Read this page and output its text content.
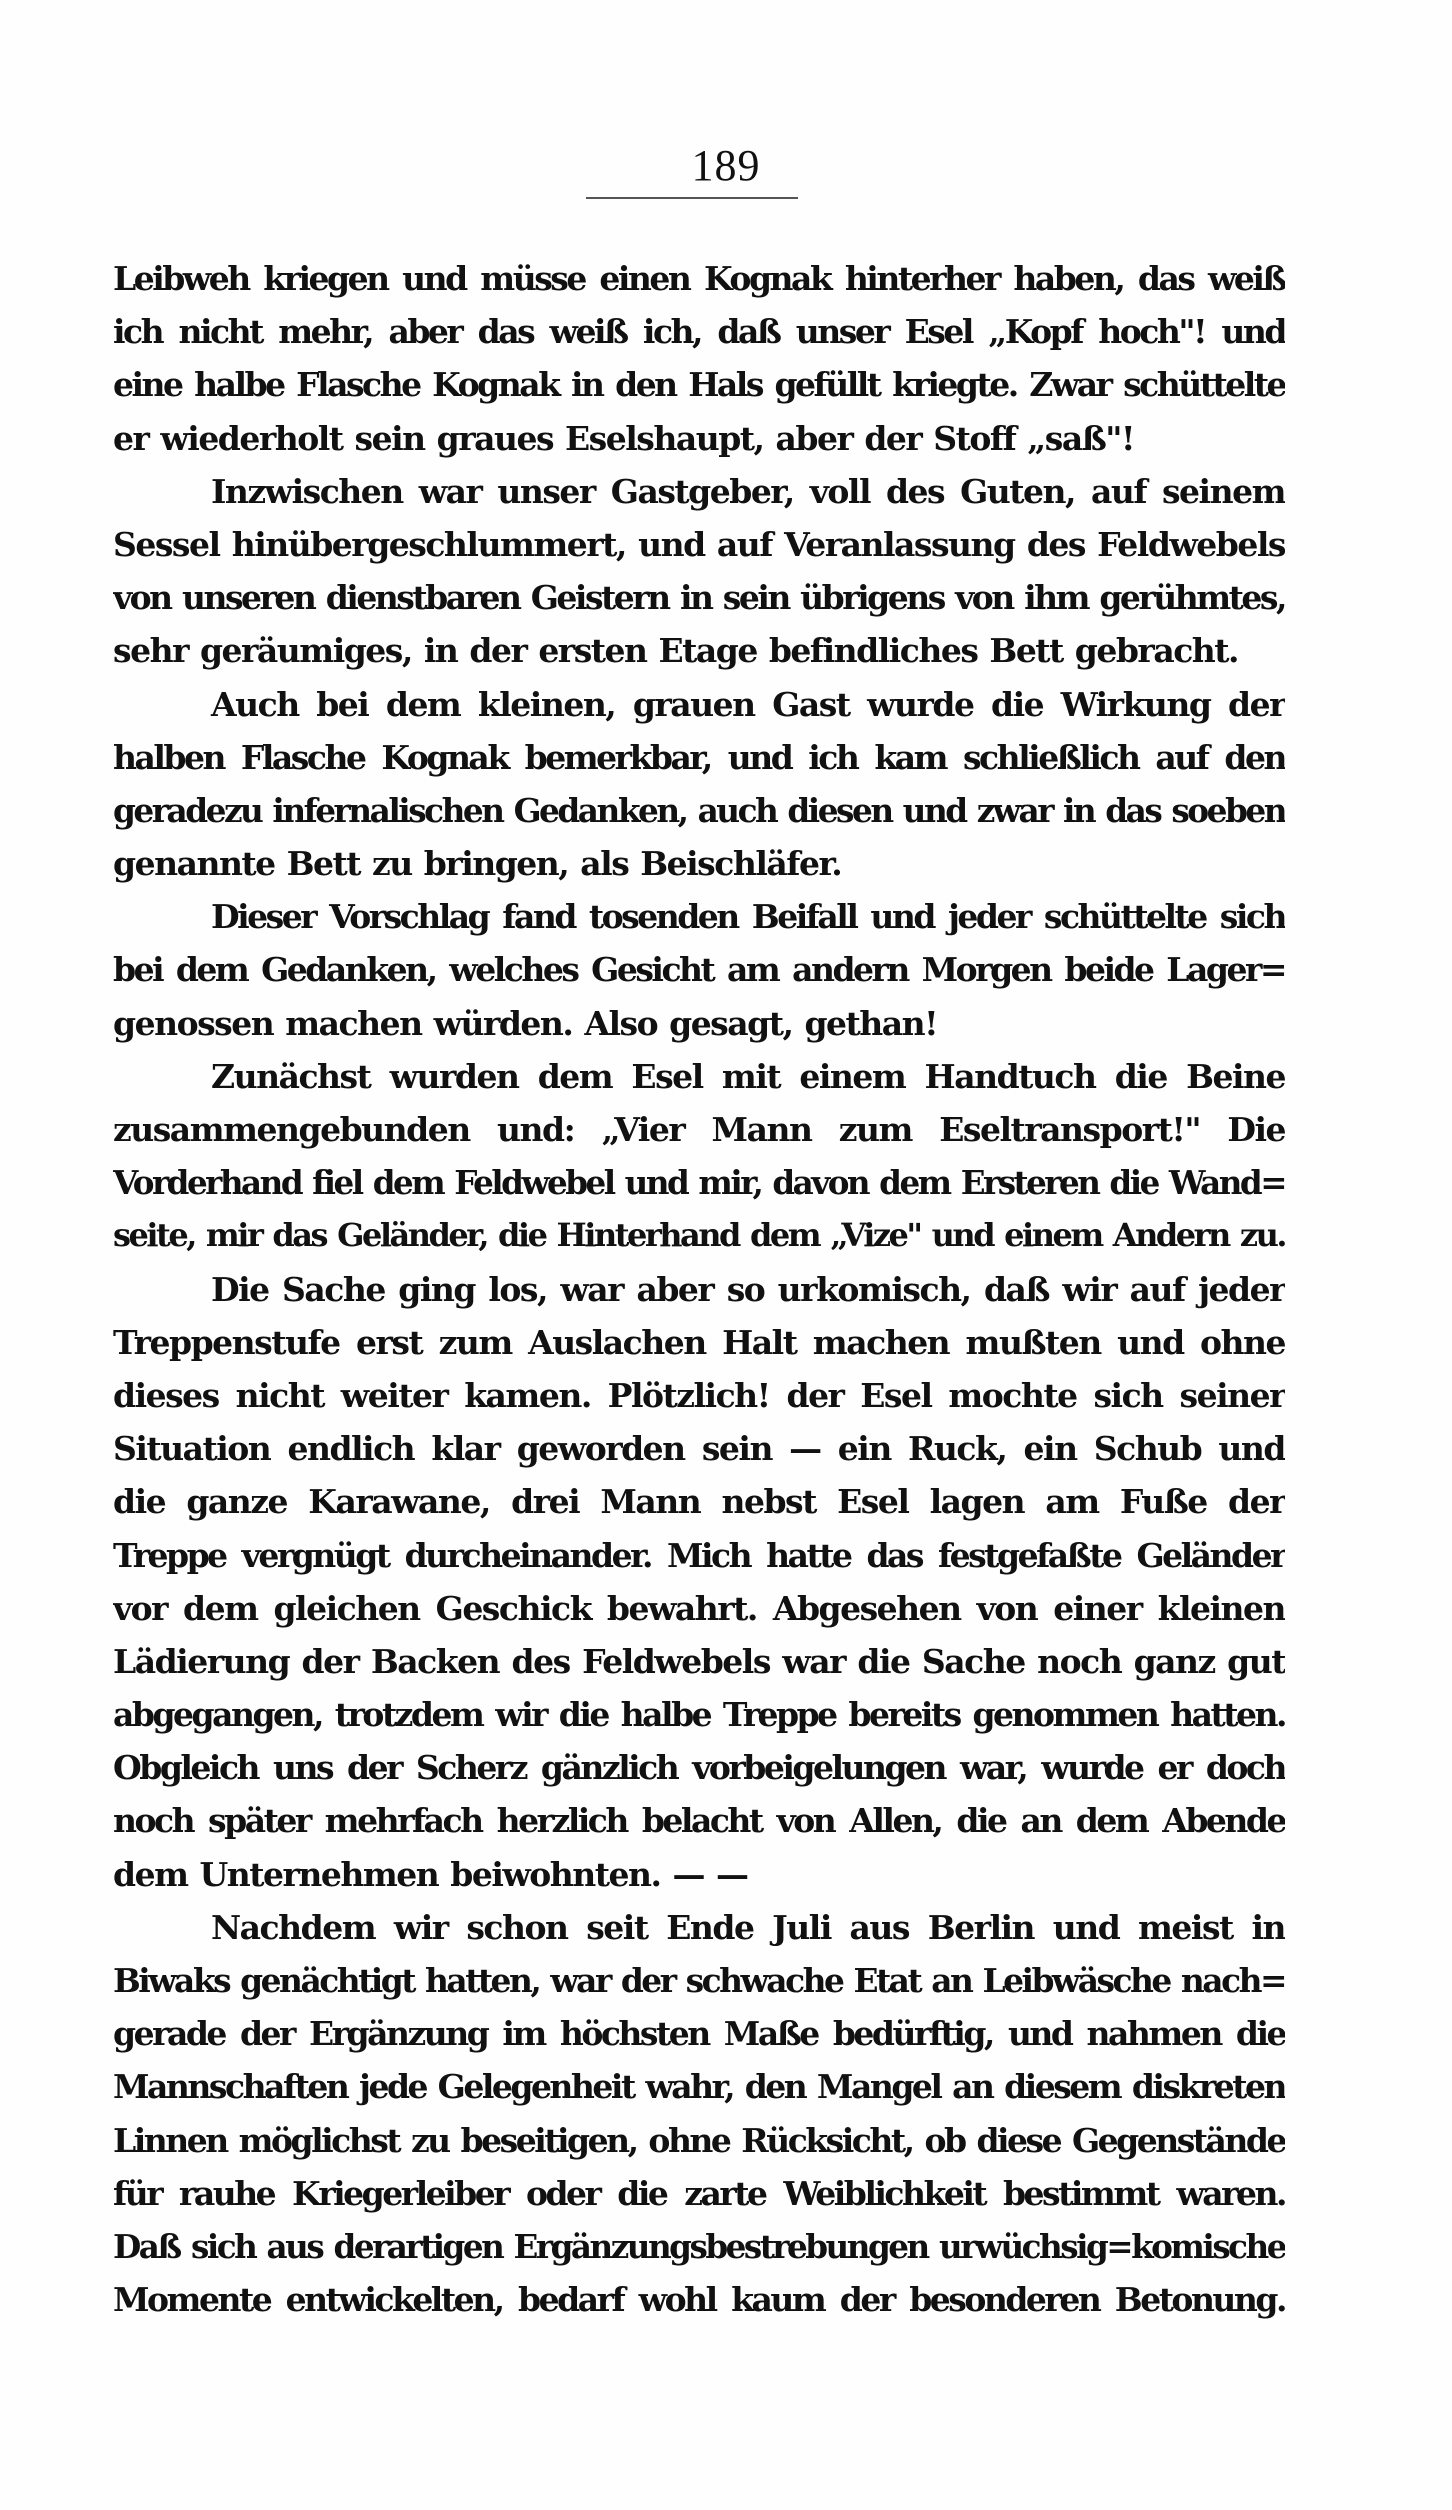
189
Leibweh kriegen und müsse einen Kognak hinterher haben, das weiß
ich nicht mehr, aber das weiß ich, daß unser Esel „Kopf hoch"! und
eine halbe Flasche Kognak in den Hals gefüllt kriegte. Zwar schüttelte
er wiederholt sein graues Eselshaupt, aber der Stoff „saß"!
Inzwischen war unser Gastgeber, voll des Guten, auf seinem
Sessel hinübergeschlummert, und auf Veranlassung des Feldwebels
von unseren dienstbaren Geistern in sein übrigens von ihm gerühmtes,
sehr geräumiges, in der ersten Etage befindliches Bett gebracht.
Auch bei dem kleinen, grauen Gast wurde die Wirkung der
halben Flasche Kognak bemerkbar, und ich kam schließlich auf den
geradezu infernalischen Gedanken, auch diesen und zwar in das soeben
genannte Bett zu bringen, als Beischläfer.
Dieser Vorschlag fand tosenden Beifall und jeder schüttelte sich
bei dem Gedanken, welches Gesicht am andern Morgen beide Lager=
genossen machen würden. Also gesagt, gethan!
Zunächst wurden dem Esel mit einem Handtuch die Beine
zusammengebunden und: „Vier Mann zum Eseltransport!" Die
Vorderhand fiel dem Feldwebel und mir, davon dem Ersteren die Wand=
seite, mir das Geländer, die Hinterhand dem „Vize" und einem Andern zu.
Die Sache ging los, war aber so urkomisch, daß wir auf jeder
Treppenstufe erst zum Auslachen Halt machen mußten und ohne
dieses nicht weiter kamen. Plötzlich! der Esel mochte sich seiner
Situation endlich klar geworden sein — ein Ruck, ein Schub und
die ganze Karawane, drei Mann nebst Esel lagen am Fuße der
Treppe vergnügt durcheinander. Mich hatte das festgefaßte Geländer
vor dem gleichen Geschick bewahrt. Abgesehen von einer kleinen
Lädierung der Backen des Feldwebels war die Sache noch ganz gut
abgegangen, trotzdem wir die halbe Treppe bereits genommen hatten.
Obgleich uns der Scherz gänzlich vorbeigelungen war, wurde er doch
noch später mehrfach herzlich belacht von Allen, die an dem Abende
dem Unternehmen beiwohnten. — —
Nachdem wir schon seit Ende Juli aus Berlin und meist in
Biwaks genächtigt hatten, war der schwache Etat an Leibwäsche nach=
gerade der Ergänzung im höchsten Maße bedürftig, und nahmen die
Mannschaften jede Gelegenheit wahr, den Mangel an diesem diskreten
Linnen möglichst zu beseitigen, ohne Rücksicht, ob diese Gegenstände
für rauhe Kriegerleiber oder die zarte Weiblichkeit bestimmt waren.
Daß sich aus derartigen Ergänzungsbestrebungen urwüchsig=komische
Momente entwickelten, bedarf wohl kaum der besonderen Betonung.
